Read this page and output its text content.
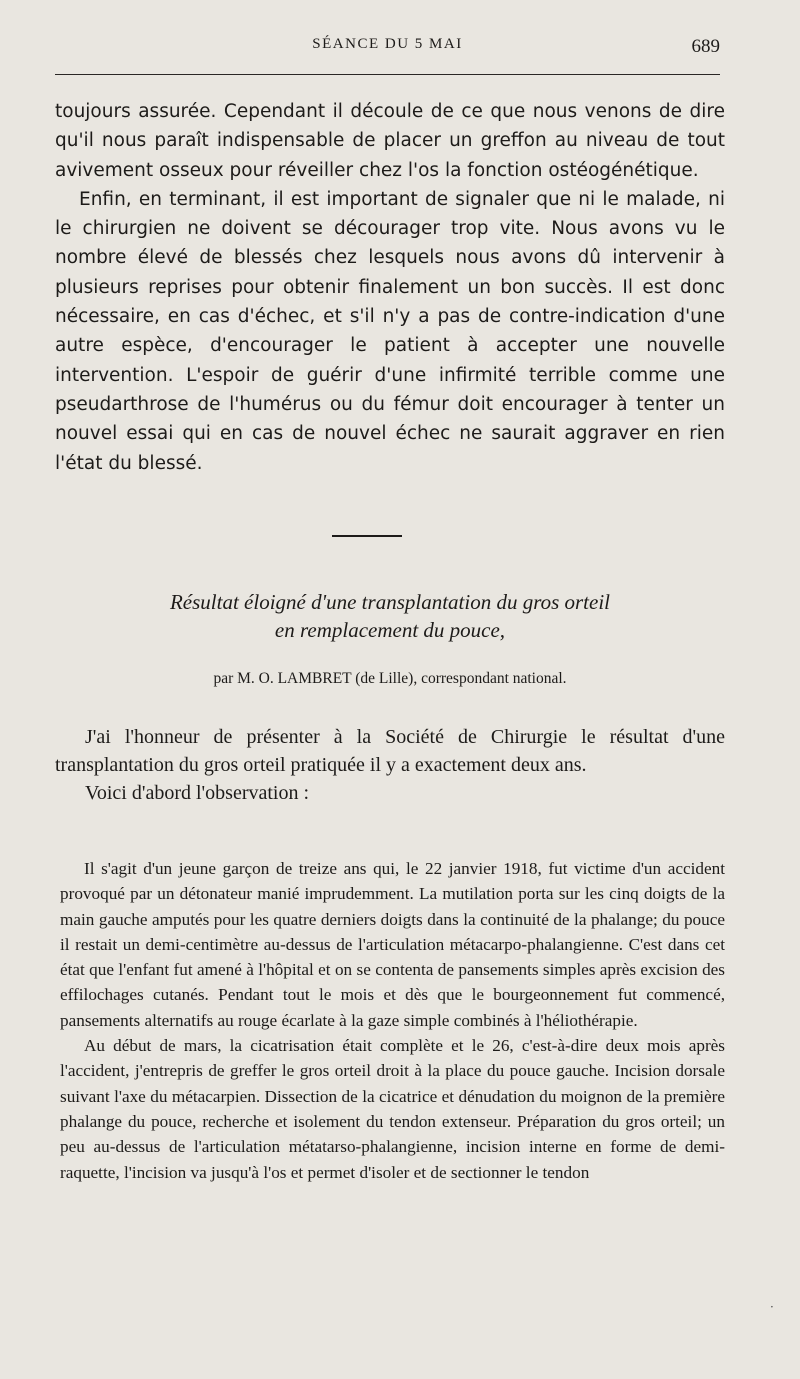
SÉANCE DU 5 MAI	689

toujours assurée. Cependant il découle de ce que nous venons de dire qu'il nous paraît indispensable de placer un greffon au niveau de tout avivement osseux pour réveiller chez l'os la fonction ostéogénétique.

Enfin, en terminant, il est important de signaler que ni le malade, ni le chirurgien ne doivent se décourager trop vite. Nous avons vu le nombre élevé de blessés chez lesquels nous avons dû intervenir à plusieurs reprises pour obtenir finalement un bon succès. Il est donc nécessaire, en cas d'échec, et s'il n'y a pas de contre-indication d'une autre espèce, d'encourager le patient à accepter une nouvelle intervention. L'espoir de guérir d'une infirmité terrible comme une pseudarthrose de l'humérus ou du fémur doit encourager à tenter un nouvel essai qui en cas de nouvel échec ne saurait aggraver en rien l'état du blessé.

Résultat éloigné d'une transplantation du gros orteil
en remplacement du pouce,
par M. O. LAMBRET (de Lille), correspondant national.

J'ai l'honneur de présenter à la Société de Chirurgie le résultat d'une transplantation du gros orteil pratiquée il y a exactement deux ans.

Voici d'abord l'observation :

Il s'agit d'un jeune garçon de treize ans qui, le 22 janvier 1918, fut victime d'un accident provoqué par un détonateur manié imprudemment. La mutilation porta sur les cinq doigts de la main gauche amputés pour les quatre derniers doigts dans la continuité de la phalange; du pouce il restait un demi-centimètre au-dessus de l'articulation métacarpo-phalangienne. C'est dans cet état que l'enfant fut amené à l'hôpital et on se contenta de pansements simples après excision des effilochages cutanés. Pendant tout le mois et dès que le bourgeonnement fut commencé, pansements alternatifs au rouge écarlate à la gaze simple combinés à l'héliothérapie.

Au début de mars, la cicatrisation était complète et le 26, c'est-à-dire deux mois après l'accident, j'entrepris de greffer le gros orteil droit à la place du pouce gauche. Incision dorsale suivant l'axe du métacarpien. Dissection de la cicatrice et dénudation du moignon de la première phalange du pouce, recherche et isolement du tendon extenseur. Préparation du gros orteil; un peu au-dessus de l'articulation métatarso-phalangienne, incision interne en forme de demi-raquette, l'incision va jusqu'à l'os et permet d'isoler et de sectionner le tendon

·
